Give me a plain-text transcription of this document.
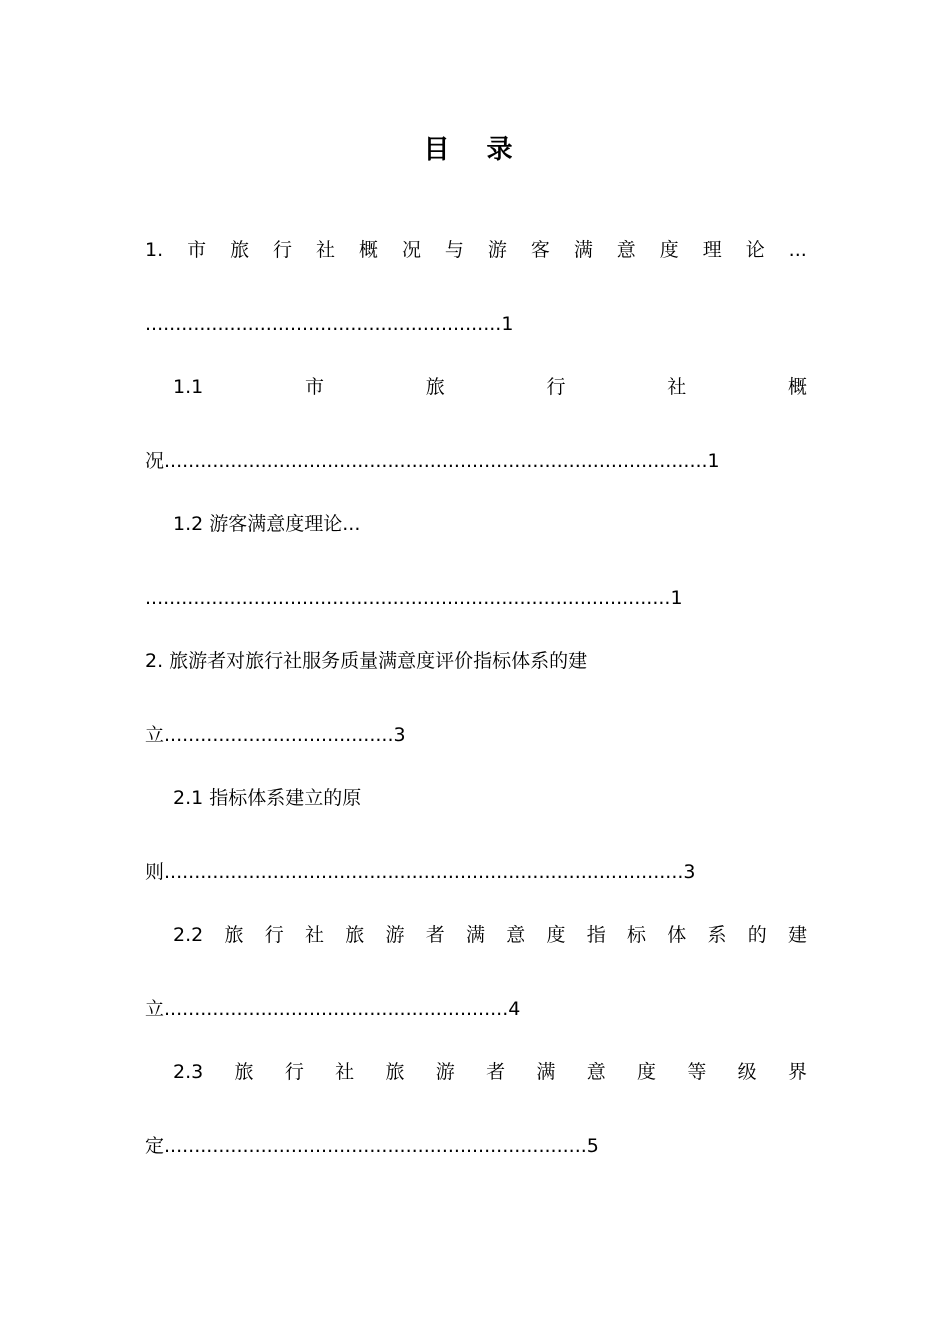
目 录
1. 市 旅 行 社 概 况 与 游 客 满 意 度 理 论 ...
...........................................................1
1.1	市	旅	行	社	概
况..........................................................................................1
1.2 游客满意度理论...
.......................................................................................1
2. 旅游者对旅行社服务质量满意度评价指标体系的建
立......................................3
2.1 指标体系建立的原
则......................................................................................3
2.2 旅 行 社 旅 游 者 满 意 度 指 标 体 系 的 建
立.........................................................4
2.3 旅 行 社 旅 游 者 满 意 度 等 级 界
定......................................................................5
